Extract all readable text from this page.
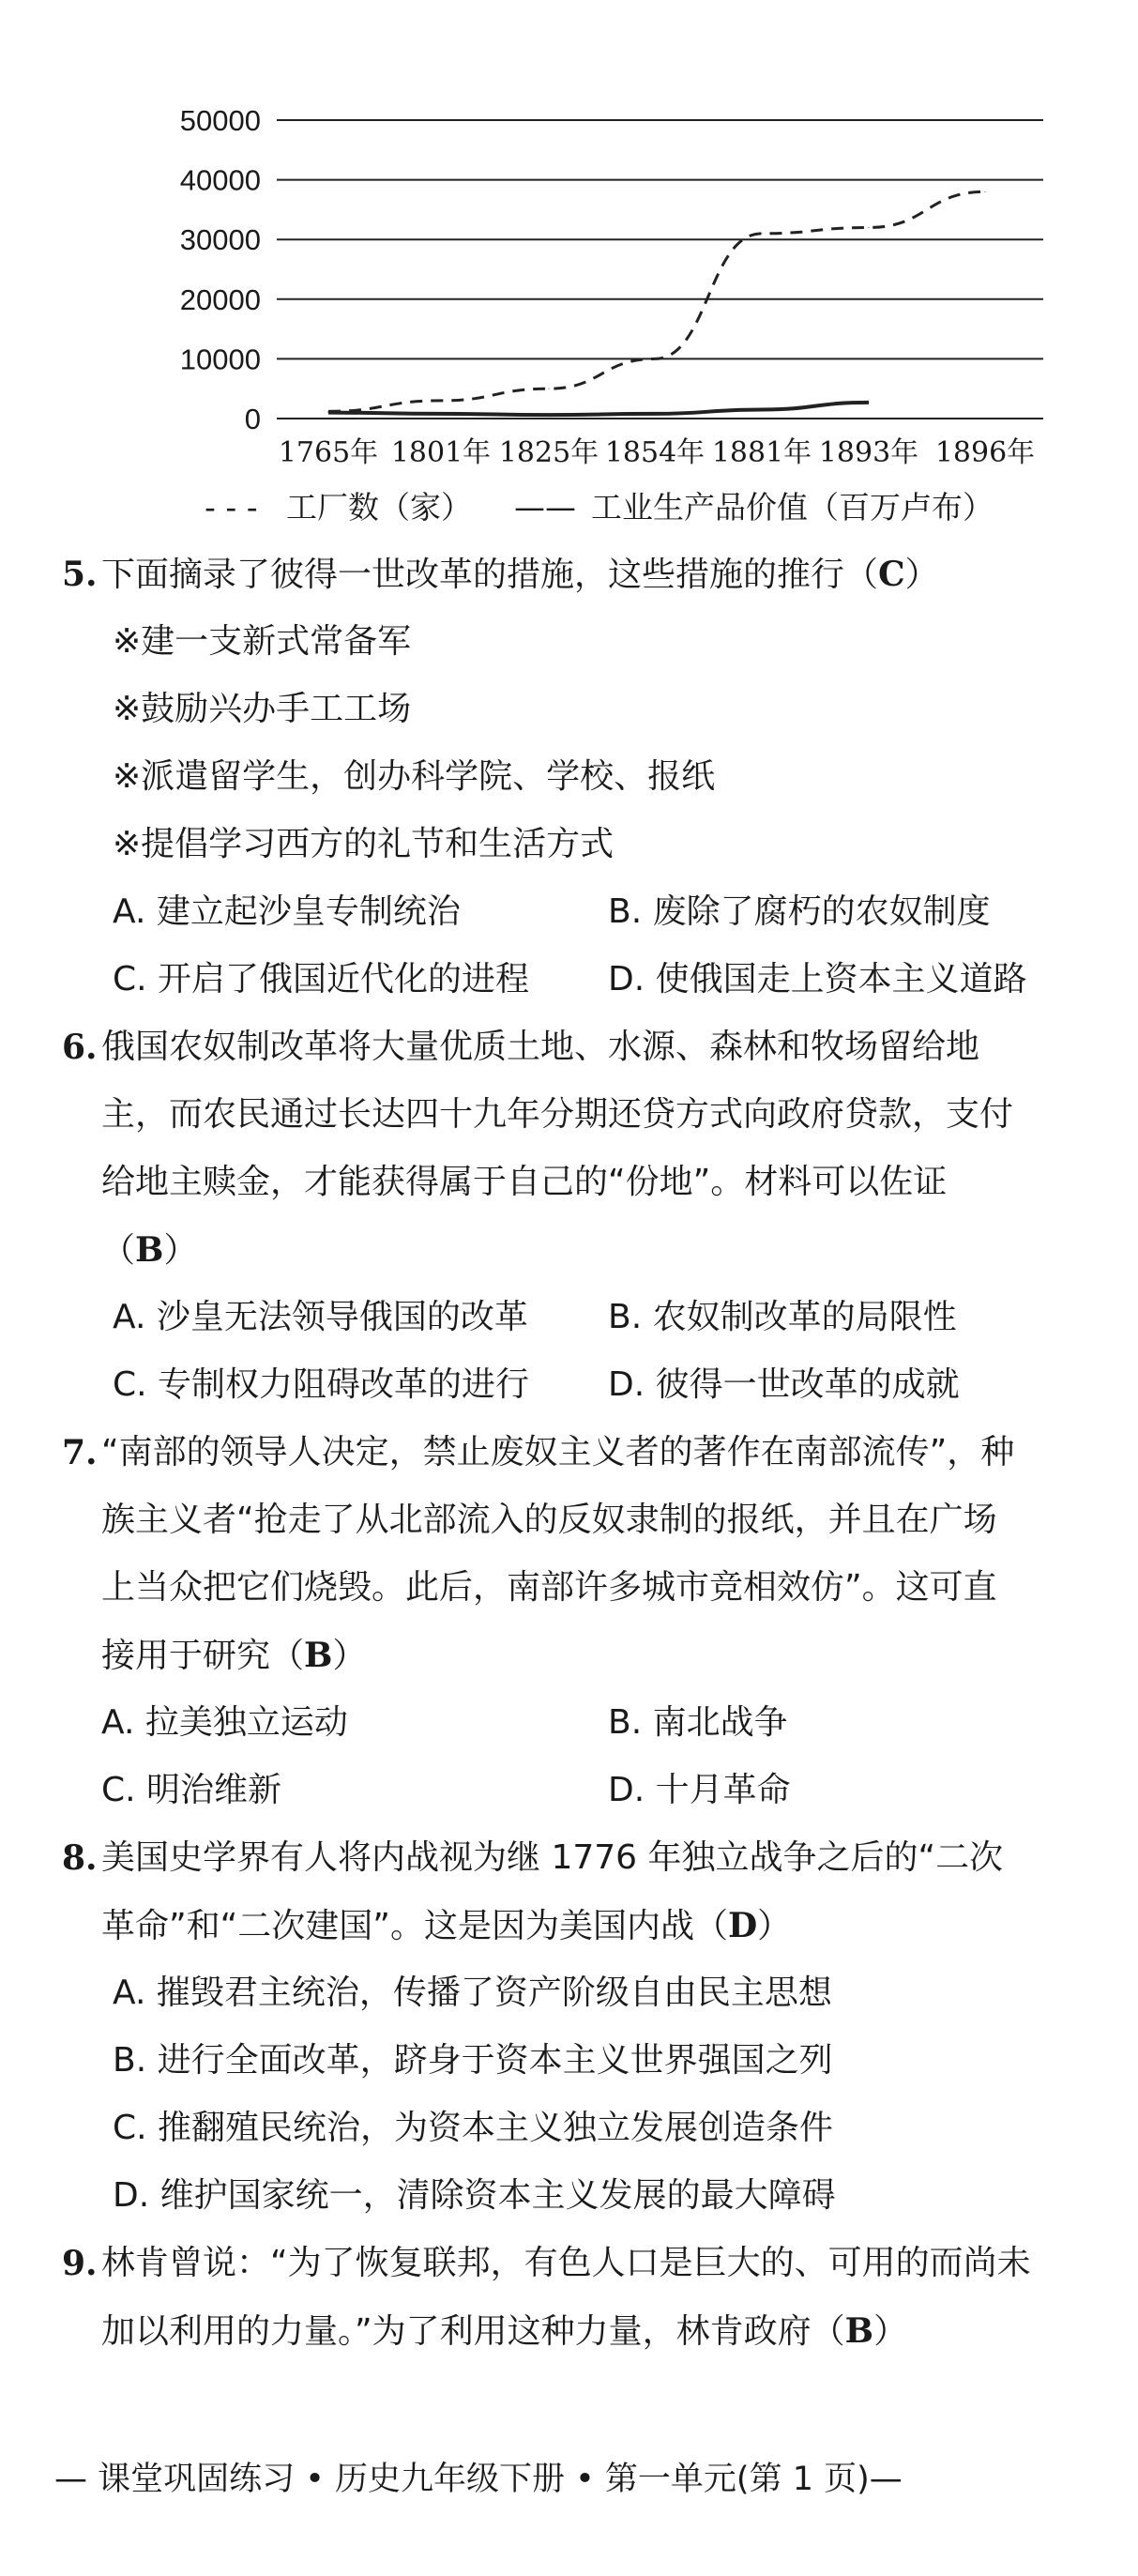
50000
40000
30000
20000
10000
0
1765年 1801年 1825年 1854年 1881年 1893年 1896年
- - - 工厂数（家） —— 工业生产品价值（百万卢布）
5. 下面摘录了彼得一世改革的措施，这些措施的推行（C）
※建一支新式常备军
※鼓励兴办手工工场
※派遣留学生，创办科学院、学校、报纸
※提倡学习西方的礼节和生活方式
A. 建立起沙皇专制统治	B. 废除了腐朽的农奴制度
C. 开启了俄国近代化的进程 D. 使俄国走上资本主义道路
6. 俄国农奴制改革将大量优质土地、水源、森林和牧场留给地
主，而农民通过长达四十九年分期还贷方式向政府贷款，支付
给地主赎金，才能获得属于自己的“份地”。材料可以佐证
（B）
A. 沙皇无法领导俄国的改革 B. 农奴制改革的局限性
C. 专制权力阻碍改革的进行 D. 彼得一世改革的成就
7. “南部的领导人决定，禁止废奴主义者的著作在南部流传”，种
族主义者“抢走了从北部流入的反奴隶制的报纸，并且在广场
上当众把它们烧毁。此后，南部许多城市竞相效仿”。这可直
接用于研究（B）
A. 拉美独立运动	B. 南北战争
C. 明治维新	D. 十月革命
8. 美国史学界有人将内战视为继 1776 年独立战争之后的“二次
革命”和“二次建国”。这是因为美国内战（D）
A. 摧毁君主统治，传播了资产阶级自由民主思想
B. 进行全面改革，跻身于资本主义世界强国之列
C. 推翻殖民统治，为资本主义独立发展创造条件
D. 维护国家统一，清除资本主义发展的最大障碍
9. 林肯曾说：“为了恢复联邦，有色人口是巨大的、可用的而尚未
加以利用的力量。”为了利用这种力量，林肯政府（B）
— 课堂巩固练习 • 历史九年级下册 • 第一单元(第 1 页)—
